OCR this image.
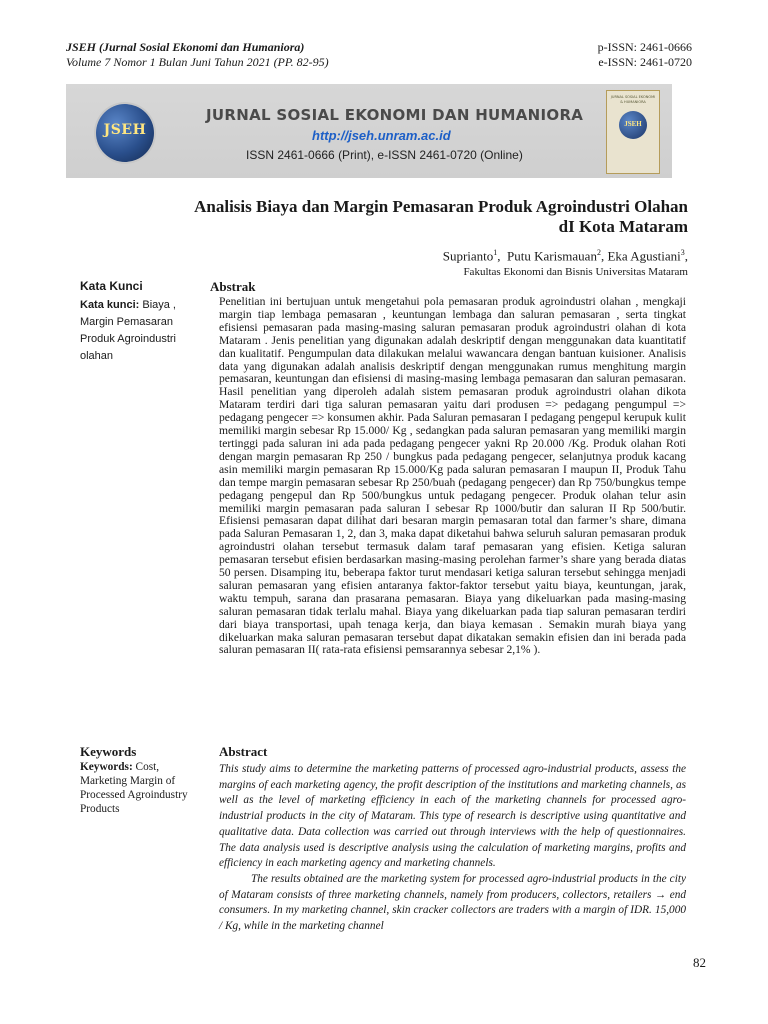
JSEH (Jurnal Sosial Ekonomi dan Humaniora)
Volume 7 Nomor 1 Bulan Juni Tahun 2021 (PP. 82-95)
p-ISSN: 2461-0666
e-ISSN: 2461-0720
JSEH
JURNAL SOSIAL EKONOMI DAN HUMANIORA
http://jseh.unram.ac.id
ISSN 2461-0666 (Print), e-ISSN 2461-0720 (Online)
JURNAL SOSIAL EKONOMI & HUMANIORA
JSEH
Analisis Biaya dan Margin Pemasaran Produk Agroindustri Olahan
dI Kota Mataram
Suprianto$^1$,  Putu Karismauan$^2$, Eka Agustiani$^3$,
Fakultas Ekonomi dan Bisnis Universitas Mataram
Kata Kunci
Kata kunci: Biaya , Margin Pemasaran Produk Agroindustri olahan
Abstrak

Penelitian ini bertujuan untuk mengetahui pola pemasaran produk agroindustri olahan , mengkaji margin tiap lembaga pemasaran , keuntungan lembaga dan saluran pemasaran , serta tingkat efisiensi pemasaran pada masing-masing saluran pemasaran produk agroindustri olahan di kota Mataram . Jenis penelitian yang digunakan adalah deskriptif dengan menggunakan data kuantitatif dan kualitatif. Pengumpulan data dilakukan melalui wawancara dengan bantuan kuisioner. Analisis data yang digunakan adalah analisis deskriptif dengan menggunakan rumus menghitung margin pemasaran, keuntungan dan efisiensi di masing-masing lembaga pemasaran dan saluran pemasaran. Hasil penelitian yang diperoleh adalah sistem pemasaran produk agroindustri olahan dikota Mataram terdiri dari tiga saluran pemasaran yaitu dari produsen => pedagang pengumpul => pedagang pengecer => konsumen akhir. Pada Saluran pemasaran I pedagang pengepul kerupuk kulit memiliki margin sebesar Rp 15.000/ Kg , sedangkan pada saluran pemasaran yang memiliki margin tertinggi pada saluran ini ada pada pedagang pengecer yakni Rp 20.000 /Kg. Produk olahan Roti dengan margin pemasaran Rp 250 / bungkus pada pedagang pengecer, selanjutnya produk kacang asin memiliki margin pemasaran Rp 15.000/Kg pada saluran pemasaran I maupun II, Produk Tahu dan tempe margin pemasaran sebesar Rp 250/buah (pedagang pengecer) dan Rp 750/bungkus tempe pedagang pengepul dan Rp 500/bungkus untuk pedagang pengecer. Produk olahan telur asin memiliki margin pemasaran pada saluran I sebesar Rp 1000/butir dan saluran II Rp 500/butir. Efisiensi pemasaran dapat dilihat dari besaran margin pemasaran total dan farmer’s share, dimana pada Saluran Pemasaran 1, 2, dan 3, maka dapat diketahui bahwa seluruh saluran pemasaran produk agroindustri olahan tersebut termasuk dalam taraf pemasaran yang efisien. Ketiga saluran pemasaran tersebut efisien berdasarkan masing-masing perolehan farmer’s share yang berada diatas 50 persen. Disamping itu, beberapa faktor turut mendasari ketiga saluran tersebut sehingga menjadi saluran pemasaran yang efisien antaranya faktor-faktor tersebut yaitu biaya, keuntungan, jarak, waktu tempuh, sarana dan prasarana pemasaran. Biaya yang dikeluarkan pada masing-masing saluran pemasaran tidak terlalu mahal. Biaya yang dikeluarkan pada tiap saluran pemasaran terdiri dari biaya transportasi, upah tenaga kerja, dan biaya kemasan . Semakin murah biaya yang dikeluarkan maka saluran pemasaran tersebut dapat dikatakan semakin efisien dan ini berada pada saluran pemasaran II( rata-rata efisiensi pemsarannya sebesar 2,1% ).

Keywords
Keywords: Cost, Marketing Margin of Processed Agroindustry Products
Abstract

This study aims to determine the marketing patterns of processed agro-industrial products, assess the margins of each marketing agency, the profit description of the institutions and marketing channels, as well as the level of marketing efficiency in each of the marketing channels for processed agro-industrial products in the city of Mataram. This type of research is descriptive using quantitative and qualitative data. Data collection was carried out through interviews with the help of questionnaires. The data analysis used is descriptive analysis using the calculation of marketing margins, profits and efficiency in each marketing agency and marketing channels.

The results obtained are the marketing system for processed agro-industrial products in the city of Mataram consists of three marketing channels, namely from producers, collectors, retailers → end consumers. In my marketing channel, skin cracker collectors are traders with a margin of IDR. 15,000 / Kg, while in the marketing channel

82
